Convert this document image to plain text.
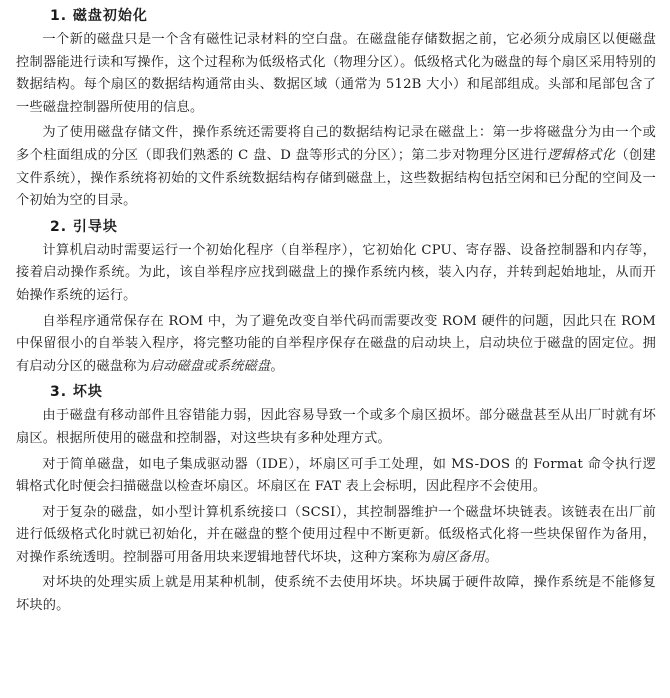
1. 磁盘初始化

一个新的磁盘只是一个含有磁性记录材料的空白盘。在磁盘能存储数据之前，它必须分成扇区以便磁盘控制器能进行读和写操作，这个过程称为低级格式化（物理分区）。低级格式化为磁盘的每个扇区采用特别的数据结构。每个扇区的数据结构通常由头、数据区域（通常为 512B 大小）和尾部组成。头部和尾部包含了一些磁盘控制器所使用的信息。

为了使用磁盘存储文件，操作系统还需要将自己的数据结构记录在磁盘上：第一步将磁盘分为由一个或多个柱面组成的分区（即我们熟悉的 C 盘、D 盘等形式的分区）；第二步对物理分区进行逻辑格式化（创建文件系统），操作系统将初始的文件系统数据结构存储到磁盘上，这些数据结构包括空闲和已分配的空间及一个初始为空的目录。

2. 引导块

计算机启动时需要运行一个初始化程序（自举程序），它初始化 CPU、寄存器、设备控制器和内存等，接着启动操作系统。为此，该自举程序应找到磁盘上的操作系统内核，装入内存，并转到起始地址，从而开始操作系统的运行。

自举程序通常保存在 ROM 中，为了避免改变自举代码而需要改变 ROM 硬件的问题，因此只在 ROM 中保留很小的自举装入程序，将完整功能的自举程序保存在磁盘的启动块上，启动块位于磁盘的固定位。拥有启动分区的磁盘称为启动磁盘或系统磁盘。

3. 坏块

由于磁盘有移动部件且容错能力弱，因此容易导致一个或多个扇区损坏。部分磁盘甚至从出厂时就有坏扇区。根据所使用的磁盘和控制器，对这些块有多种处理方式。

对于简单磁盘，如电子集成驱动器（IDE），坏扇区可手工处理，如 MS-DOS 的 Format 命令执行逻辑格式化时便会扫描磁盘以检查坏扇区。坏扇区在 FAT 表上会标明，因此程序不会使用。

对于复杂的磁盘，如小型计算机系统接口（SCSI），其控制器维护一个磁盘坏块链表。该链表在出厂前进行低级格式化时就已初始化，并在磁盘的整个使用过程中不断更新。低级格式化将一些块保留作为备用，对操作系统透明。控制器可用备用块来逻辑地替代坏块，这种方案称为扇区备用。

对坏块的处理实质上就是用某种机制，使系统不去使用坏块。坏块属于硬件故障，操作系统是不能修复坏块的。
